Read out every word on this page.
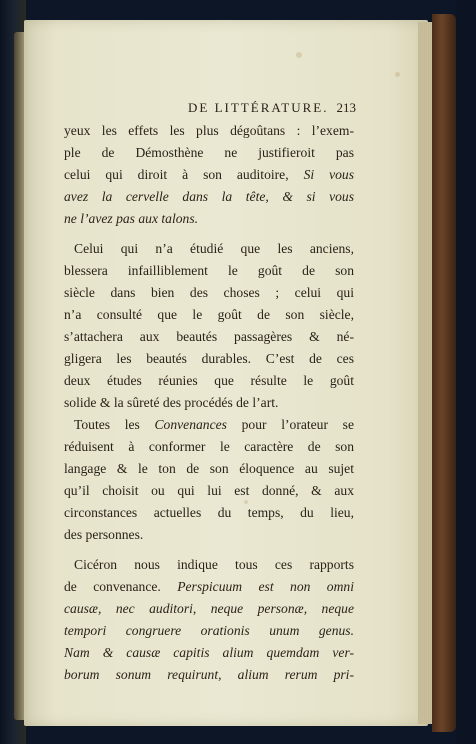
DE LITTÉRATURE. 213
yeux les effets les plus dégoûtans : l’exem-
ple de Démosthène ne justifieroit pas
celui qui diroit à son auditoire, Si vous
avez la cervelle dans la tête, & si vous
ne l’avez pas aux talons.
Celui qui n’a étudié que les anciens,
blessera infailliblement le goût de son
siècle dans bien des choses ; celui qui
n’a consulté que le goût de son siècle,
s’attachera aux beautés passagères & né-
gligera les beautés durables. C’est de ces
deux études réunies que résulte le goût
solide & la sûreté des procédés de l’art.
Toutes les Convenances pour l’orateur se
réduisent à conformer le caractère de son
langage & le ton de son éloquence au sujet
qu’il choisit ou qui lui est donné, & aux
circonstances actuelles du temps, du lieu,
des personnes.
Cicéron nous indique tous ces rapports
de convenance. Perspicuum est non omni
causæ, nec auditori, neque personæ, neque
tempori congruere orationis unum genus.
Nam & causæ capitis alium quemdam ver-
borum sonum requirunt, alium rerum pri-
